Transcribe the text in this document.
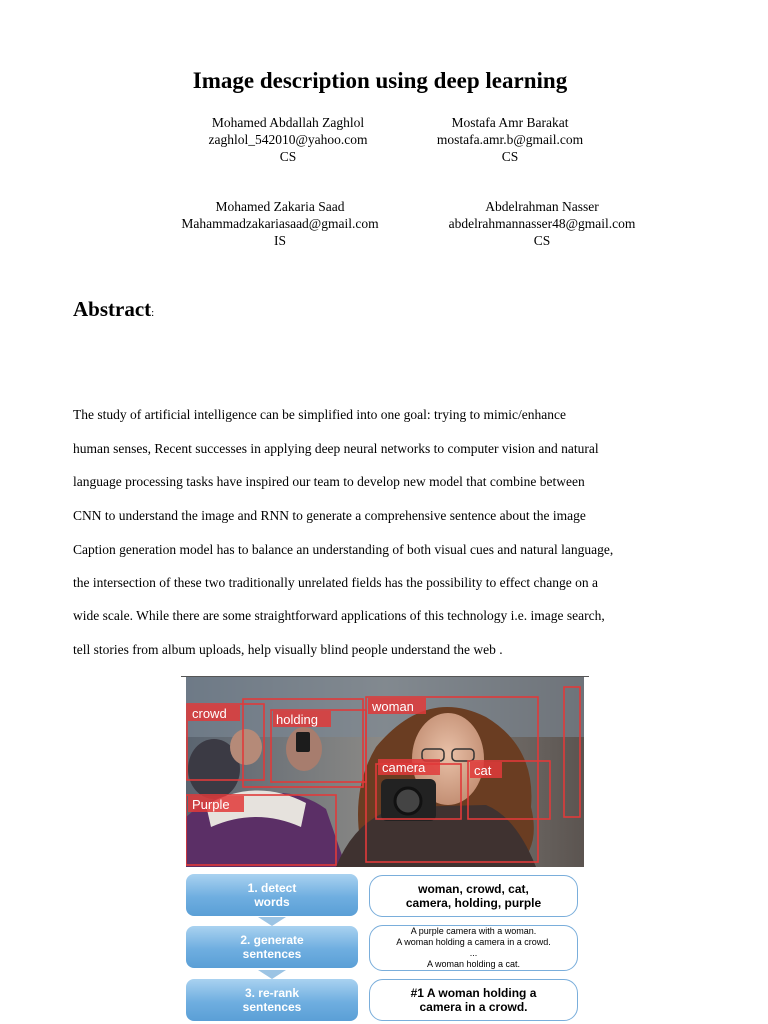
Image description using deep learning
Mohamed Abdallah Zaghlol
zaghlol_542010@yahoo.com
CS
Mostafa Amr Barakat
mostafa.amr.b@gmail.com
CS
Mohamed Zakaria Saad
Mahammadzakariasaad@gmail.com
IS
Abdelrahman Nasser
abdelrahmannasser48@gmail.com
CS
Abstract:
The study of artificial intelligence can be simplified into one goal: trying to mimic/enhance
human senses, Recent successes in applying deep neural networks to computer vision and natural
language processing tasks have inspired our team to develop new model that combine between
CNN to understand the image and RNN to generate a comprehensive sentence about the image
Caption generation model has to balance an understanding of both visual cues and natural language,
the intersection of these two traditionally unrelated fields has the possibility to effect change on a
wide scale. While there are some straightforward applications of this technology i.e. image search,
tell stories from album uploads, help visually blind people understand the web .
crowd	holding
woman
camera	cat
Purple
1. detect
words
2. generate
sentences
3. re-rank
sentences
woman, crowd, cat,
camera, holding, purple
A purple camera with a woman.
A woman holding a camera in a crowd.
...
A woman holding a cat.
#1 A woman holding a
camera in a crowd.
